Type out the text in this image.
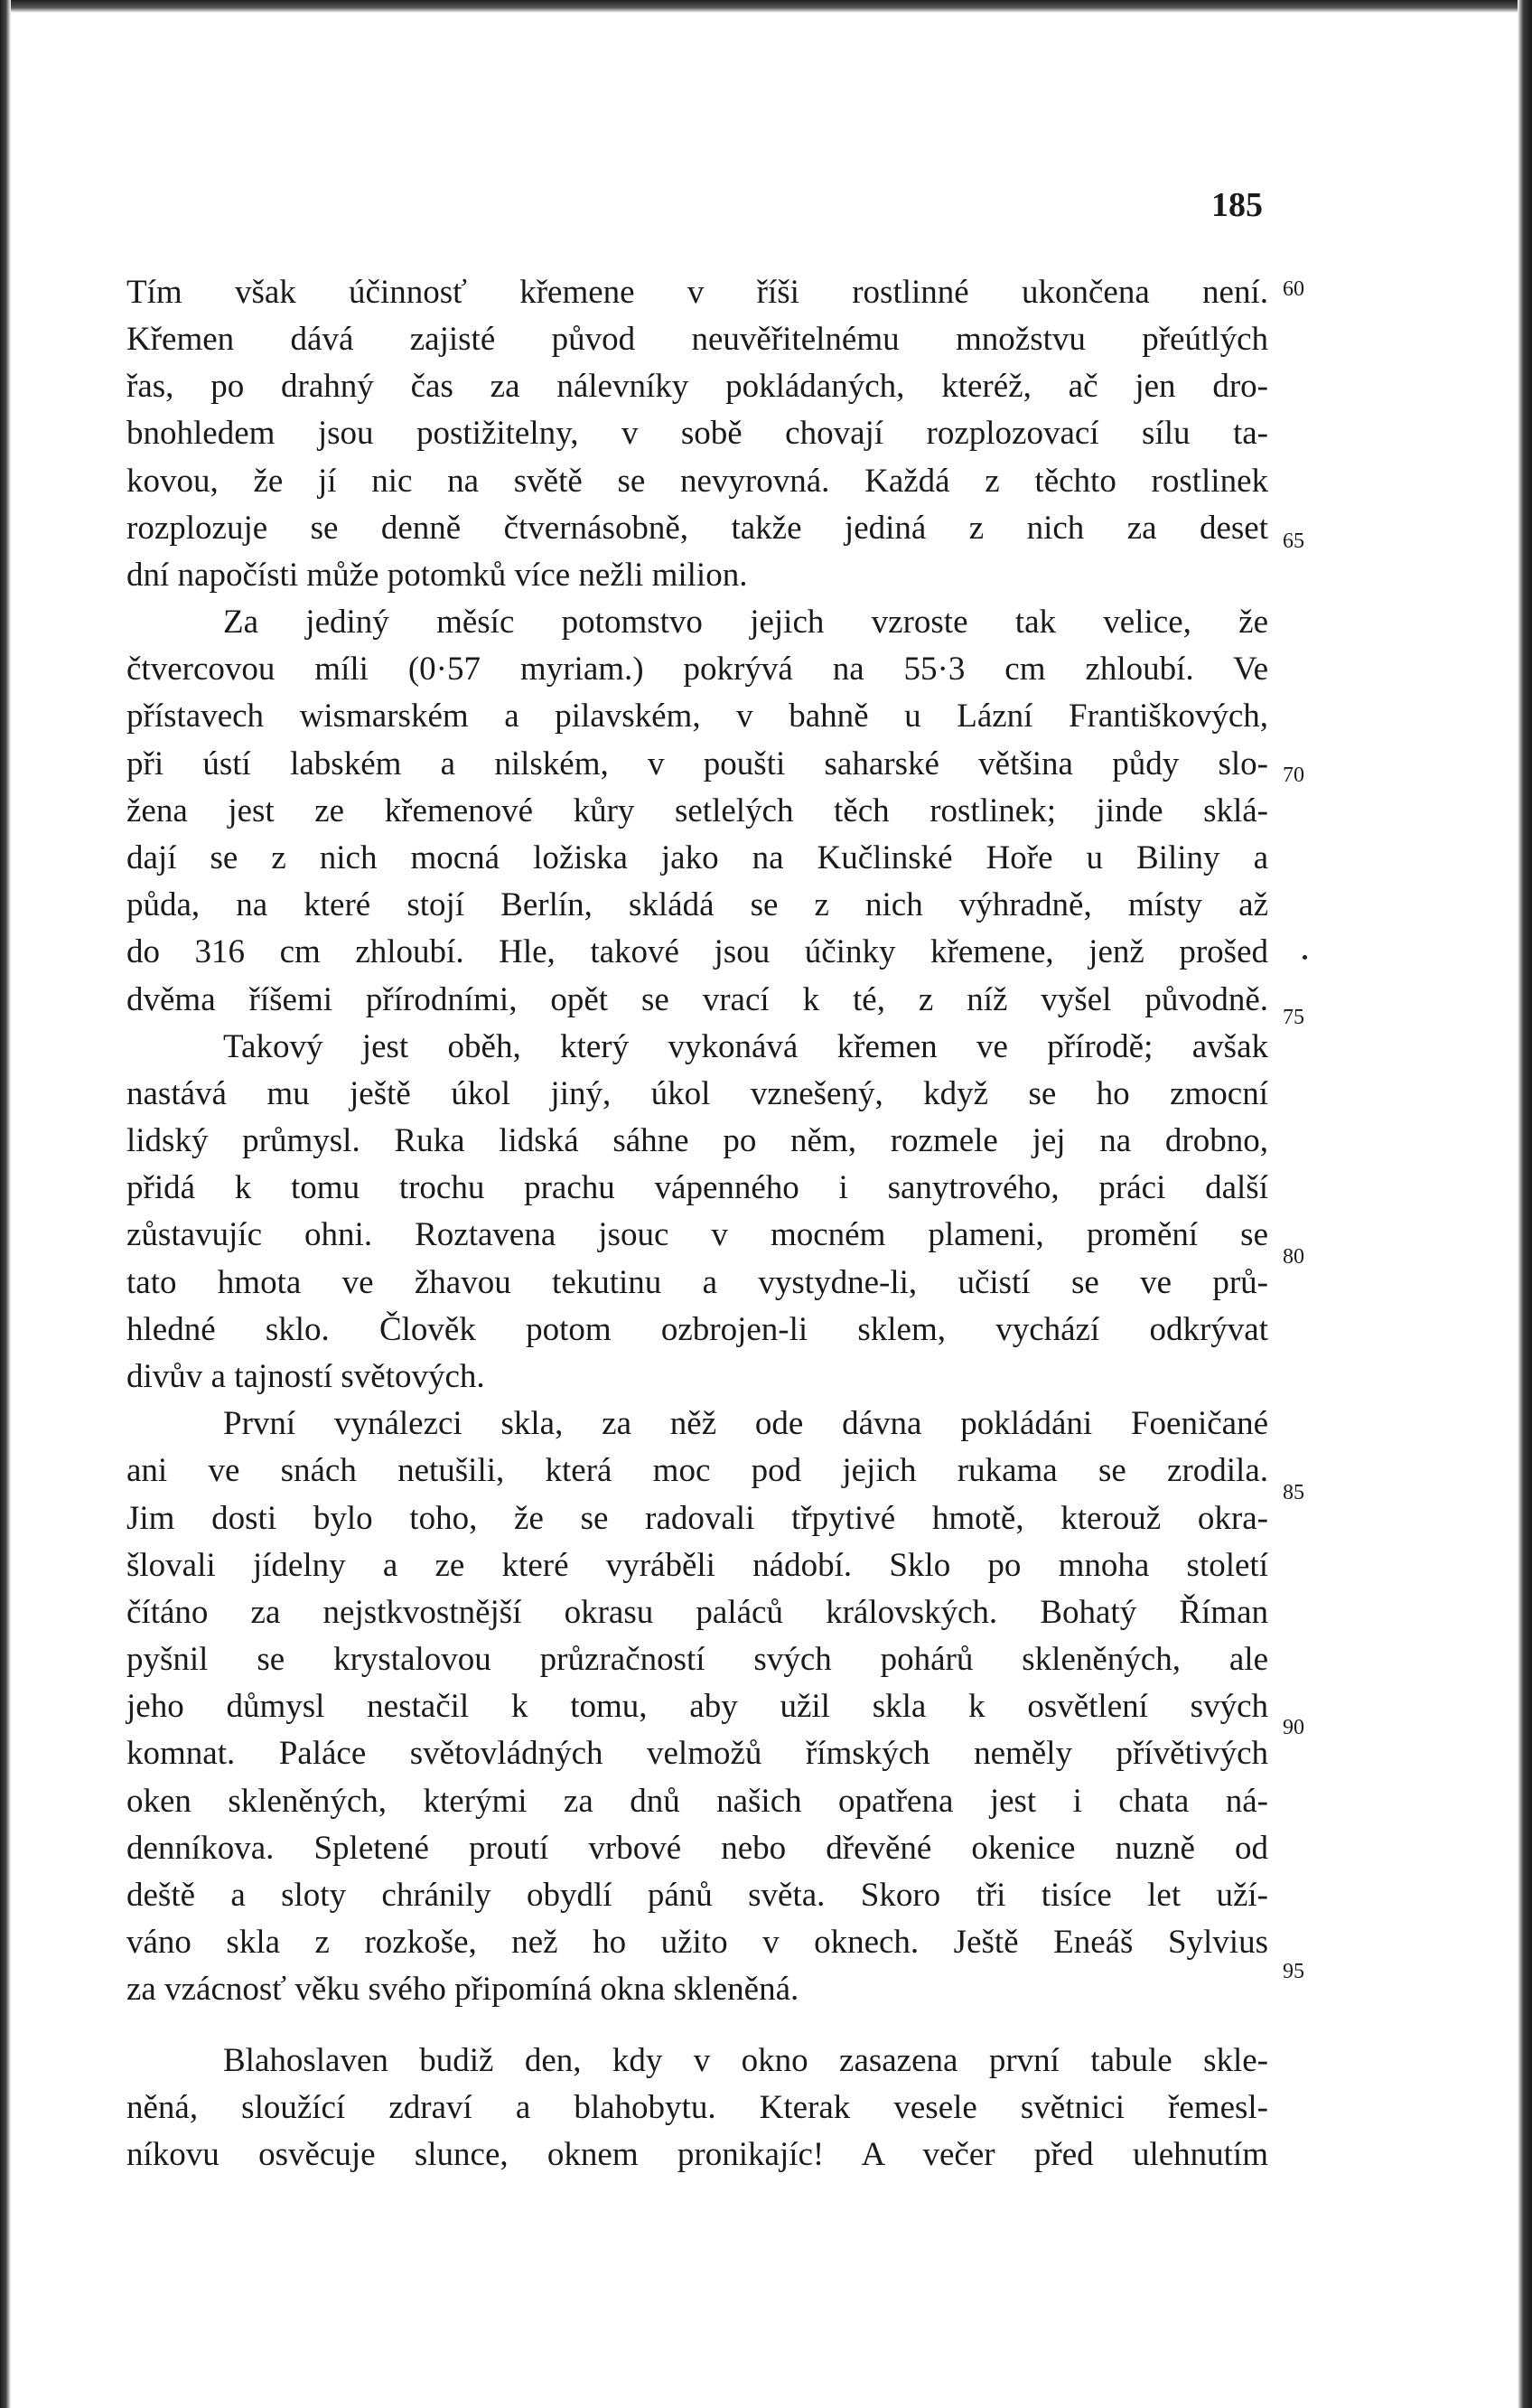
185
Tím však účinnosť křemene v říši rostlinné ukončena není.
Křemen dává zajisté původ neuvěřitelnému množstvu přeútlých
řas, po drahný čas za nálevníky pokládaných, kteréž, ač jen dro-
bnohledem jsou postižitelny, v sobě chovají rozplozovací sílu ta-
kovou, že jí nic na světě se nevyrovná. Každá z těchto rostlinek
rozplozuje se denně čtvernásobně, takže jediná z nich za deset
dní napočísti může potomků více nežli milion.
Za jediný měsíc potomstvo jejich vzroste tak velice, že
čtvercovou míli (0·57 myriam.) pokrývá na 55·3 cm zhloubí. Ve
přístavech wismarském a pilavském, v bahně u Lázní Františkových,
při ústí labském a nilském, v poušti saharské většina půdy slo-
žena jest ze křemenové kůry setlelých těch rostlinek; jinde sklá-
dají se z nich mocná ložiska jako na Kučlinské Hoře u Biliny a
půda, na které stojí Berlín, skládá se z nich výhradně, místy až
do 316 cm zhloubí. Hle, takové jsou účinky křemene, jenž prošed
dvěma říšemi přírodními, opět se vrací k té, z níž vyšel původně.
Takový jest oběh, který vykonává křemen ve přírodě; avšak
nastává mu ještě úkol jiný, úkol vznešený, když se ho zmocní
lidský průmysl. Ruka lidská sáhne po něm, rozmele jej na drobno,
přidá k tomu trochu prachu vápenného i sanytrového, práci další
zůstavujíc ohni. Roztavena jsouc v mocném plameni, promění se
tato hmota ve žhavou tekutinu a vystydne-li, učistí se ve prů-
hledné sklo. Člověk potom ozbrojen-li sklem, vychází odkrývat
divův a tajností světových.
První vynálezci skla, za něž ode dávna pokládáni Foeničané
ani ve snách netušili, která moc pod jejich rukama se zrodila.
Jim dosti bylo toho, že se radovali třpytivé hmotě, kterouž okra-
šlovali jídelny a ze které vyráběli nádobí. Sklo po mnoha století
čítáno za nejstkvostnější okrasu paláců královských. Bohatý Říman
pyšnil se krystalovou průzračností svých pohárů skleněných, ale
jeho důmysl nestačil k tomu, aby užil skla k osvětlení svých
komnat. Paláce světovládných velmožů římských neměly přívětivých
oken skleněných, kterými za dnů našich opatřena jest i chata ná-
denníkova. Spletené proutí vrbové nebo dřevěné okenice nuzně od
deště a sloty chránily obydlí pánů světa. Skoro tři tisíce let uží-
váno skla z rozkoše, než ho užito v oknech. Ještě Eneáš Sylvius
za vzácnosť věku svého připomíná okna skleněná.
Blahoslaven budiž den, kdy v okno zasazena první tabule skle-
něná, sloužící zdraví a blahobytu. Kterak vesele světnici řemesl-
níkovu osvěcuje slunce, oknem pronikajíc! A večer před ulehnutím
60
65
70
75
80
85
90
95
